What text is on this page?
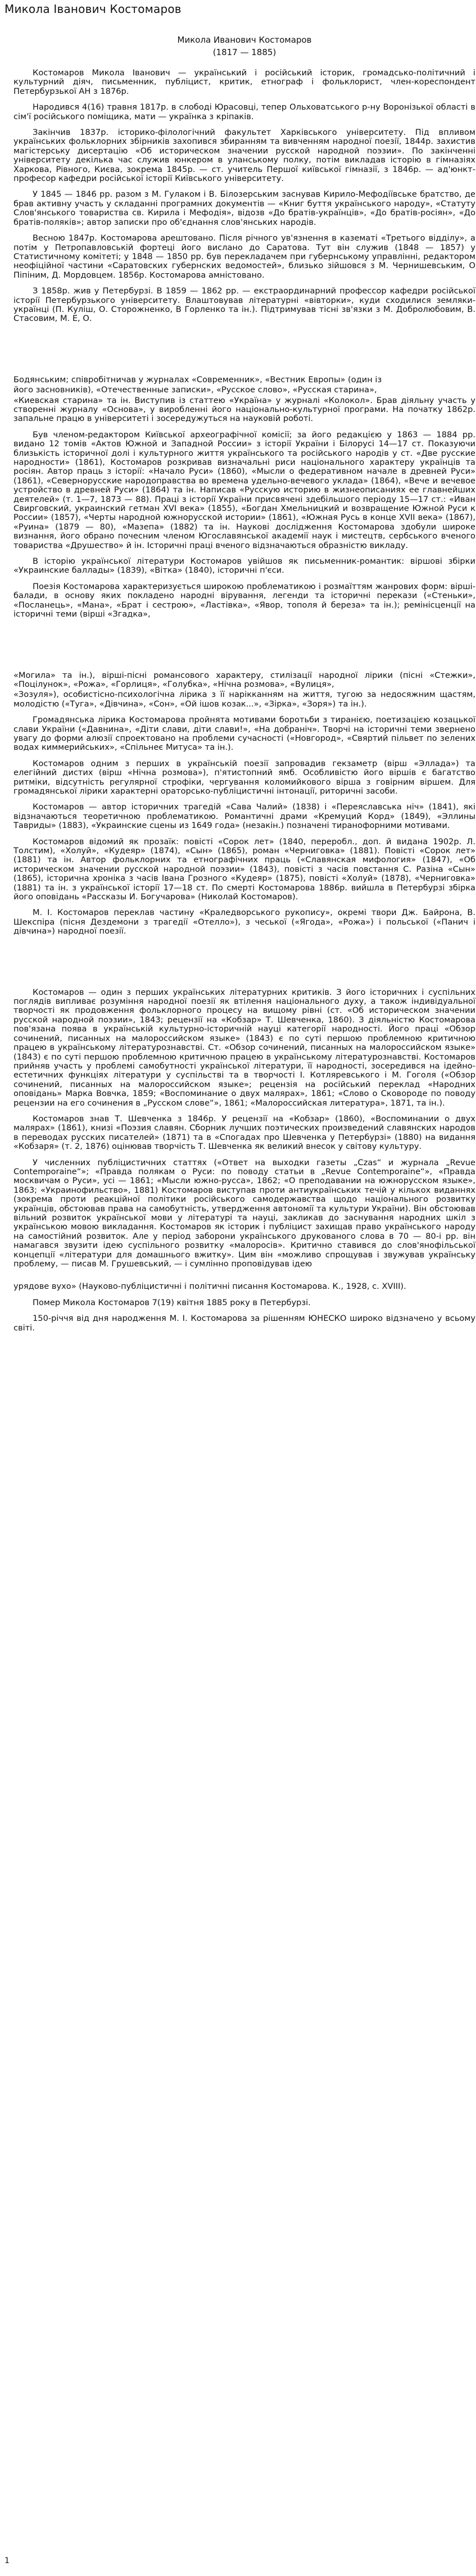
Микола Іванович Костомаров
Микола Иванович Костомаров
(1817 — 1885)

Костомаров Микола Іванович — український і російський історик, громадсько-політичний і культурний діяч, письменник, публіцист, критик, етнограф і фольклорист, член-кореспондент Петербурзької АН з 1876р.

Народився 4(16) травня 1817р. в слободі Юрасовці, тепер Ольховатського р-ну Воронізької області в сім'ї російського поміщика, мати — українка з кріпаків.

Закінчив 1837р. історико-філологічний факультет Харківського університету. Під впливом українських фольклорних збірників захопився збиранням та вивченням народної поезії, 1844р. захистив магістерську дисертацію «Об историческом значении русской народной поэзии». По закінченні університету декілька час служив юнкером в уланському полку, потім викладав історію в гімназіях Харкова, Рівного, Києва, зокрема 1845р. — ст. учитель Першої київської гімназії, з 1846р. — ад'юнкт-професор кафедри російської історії Київського університету.

У 1845 — 1846 рр. разом з М. Гулаком і В. Білозерським заснував Кирило-Мефодіївське братство, де брав активну участь у складанні програмних документів — «Книг буття українського народу», «Статуту Слов'янського товариства св. Кирила і Мефодія», відозв «До братів-українців», «До братів-росіян», «До братів-поляків»; автор записки про об'єднання слов'янських народів.

Весною 1847р. Костомарова арештовано. Після річного ув'язнення в казематі «Третього відділу», а потім у Петропавловській фортеці його вислано до Саратова. Тут він служив (1848 — 1857) у Статистичному комітеті; у 1848 — 1850 рр. був перекладачем при губернському управлінні, редактором неофіційної частини «Саратовских губернских ведомостей», близько зійшовся з М. Чернишевським, О Піпіним, Д. Мордовцем. 1856р. Костомарова амністовано.

З 1858р. жив у Петербурзі. В 1859 — 1862 рр. — екстраординарний профессор кафедри російської історії Петербурзького університету. Влаштовував літературні «вівторки», куди сходилися земляки-українці (П. Куліш, О. Сторожненко, В Горленко та ін.). Підтримував тісні зв'язки з М. Добролюбовим, В. Стасовим, М. Е, О.

Бодянським; співробітничав у журналах «Современник», «Вестник Европы» (один із

його засновників), «Отечественные записки», «Русское слово», «Русская старина»,

«Киевская старина» та ін. Виступив із статтею «Україна» у журналі «Колокол». Брав діяльну участь у створенні журналу «Основа», у виробленні його національно-культурної програми. На початку 1862р. запальне працю в університеті і зосередужуться на науковій роботі.

Був членом-редактором Київської археографічної комісії; за його редакцією у 1863 — 1884 рр. видано 12 томів «Актов Южной и Западной России» з історії України і Білорусі 14—17 ст. Показуючи близькість історичної долі і культурного життя українського та російського народів у ст. «Две русские народности» (1861), Костомаров розкривав визначальні риси національного характеру українців та росіян. Автор праць з історії: «Начало Руси» (1860), «Мысли о федеративном начале в древней Руси» (1861), «Севернорусские народоправства во времена удельно-вечевого уклада» (1864), «Вече и вечевое устройство в древней Руси» (1864) та ін. Написав «Русскую историю в жизнеописаниях ее главнейших деятелей» (т. 1—7, 1873 — 88). Праці з історії України присвячені здебільшого періоду 15—17 ст.: «Иван Свирговский, украинский гетман XVI века» (1855), «Богдан Хмельницкий и возвращение Южной Руси к России» (1857), «Черты народной южнорусской истории» (1861), «Южная Русь в конце XVII века» (1867), «Руина» (1879 — 80), «Мазепа» (1882) та ін. Наукові дослідження Костомарова здобули широке визнання, його обрано почесним членом Югославянської академії наук і мистецтв, сербського вченого товариства «Друшество» й ін. Історичні праці вченого відзначаються образністю викладу.

В історію української літератури Костомаров увійшов як письменник-романтик: віршові збірки «Украинские баллады» (1839), «Вітка» (1840), історичні п'єси.

Поезія Костомарова характеризується широкою проблематикою і розмаїттям жанрових форм: вірші-балади, в основу яких покладено народні вірування, легенди та історичні перекази («Стеньки», «Посланець», «Мана», «Брат і сестрою», «Ластівка», «Явор, тополя й береза» та ін.); ремінісценції на історичні теми (вірші «Згадка»,

«Могила» та ін.), вірші-пісні романсового характеру, стилізації народної лірики (пісні «Стежки», «Поцілунок», «Рожа», «Горлиця», «Голубка», «Нічна розмова», «Вулиця»,

«Зозуля»), особистісно-психологічна лірика з її нарікканням на життя, тугою за недосяжним щастям, молодістю («Туга», «Дівчина», «Сон», «Ой ішов козак...», «Зірка», «Зоря») та ін.).

Громадянська лірика Костомарова пройнята мотивами боротьби з тиранією, поетизацією козацької слави України («Давнина», «Діти слави, діти слави!», «На добраніч». Творчі на історичні теми звернено увагу до форми алюзії спроектовано на проблеми сучасності («Новгород», «Свяртий пільвет по зелених водах киммерийських», «Спільнеє Митуса» та ін.).

Костомаров одним з перших в українській поезії запровадив гекзаметр (вірш «Эллада») та елегійний дистих (вірш «Нічна розмова»), п'ятистопний ямб. Особливістю його віршів є багатство ритміки, відсутність регулярної строфіки, чергування коломийкового вірша з говірним віршем. Для громадянської лірики характерні ораторсько-публіцистичні інтонації, риторичні засоби.

Костомаров — автор історичних трагедій «Сава Чалий» (1838) і «Переяславська ніч» (1841), які відзначаються теоретичною проблематикою. Романтичні драми «Кремуций Корд» (1849), «Эллины Тавриды» (1883), «Украинские сцены из 1649 года» (незакін.) позначені тиранофорними мотивами.

Костомаров відомий як прозаїк: повісті «Сорок лет» (1840, переробл., доп. й видана 1902р. Л. Толстим), «Холуй», «Кудеяр» (1874), «Сын» (1865), роман «Черниговка» (1881). Повісті «Сорок лет» (1881) та ін. Автор фольклорних та етнографічних праць («Славянская мифология» (1847), «Об историческом значении русской народной поэзии» (1843), повісті з часів повстання С. Разіна «Сын» (1865), історична хроніка з часів Івана Грозного «Кудеяр» (1875), повісті «Холуй» (1878), «Черниговка» (1881) та ін. з української історії 17—18 ст. По смерті Костомарова 1886р. вийшла в Петербурзі збірка його оповідань «Рассказы И. Богучарова» (Николай Костомаров).

М. І. Костомаров переклав частину «Краледворського рукопису», окремі твори Дж. Байрона, В. Шекспіра (пісня Дездемони з трагедії «Отелло»), з чеської («Ягода», «Рожа») і польської («Панич і дівчина») народної поезії.

Костомаров — один з перших українських літературних критиків. З його історичних і суспільних поглядів випливає розуміння народної поезії як втілення національного духу, а також індивідуальної творчості як продовження фольклорного процесу на вищому рівні (ст. «Об историческом значении русской народной поэзии», 1843; рецензії на «Кобзар» Т. Шевченка, 1860). З діяльністю Костомарова пов'язана поява в українській культурно-історичній науці категорії народності. Його праці «Обзор сочинений, писанных на малороссийском языке» (1843) є по суті першою проблемною критичною працею в українському літературознавстві. Ст. «Обзор сочинений, писанных на малороссийском языке» (1843) є по суті першою проблемною критичною працею в українському літературознавстві. Костомаров прийняв участь у проблемі самобутності української літератури, її народності, зосередився на ідейно-естетичних функціях літератури у суспільстві та в творчості I. Котляревського і М. Гоголя («Обзор сочинений, писанных на малороссийском языке»; рецензія на російський переклад «Народних оповідань» Марка Вовчка, 1859; «Воспоминание о двух малярах», 1861; «Слово о Сковороде по поводу рецензии на его сочинения в „Русском слове“», 1861; «Малороссийская литература», 1871, та ін.).

Костомаров знав Т. Шевченка з 1846р. У рецензії на «Кобзар» (1860), «Воспоминании о двух малярах» (1861), книзі «Поэзия славян. Сборник лучших поэтических произведений славянских народов в переводах русских писателей» (1871) та в «Спогадах про Шевченка у Петербурзі» (1880) на видання «Кобзаря» (т. 2, 1876) оцінював творчість Т. Шевченка як великий внесок у світову культуру.

У численних публіцистичних статтях («Ответ на выходки газеты „Czas“ и журнала „Revue Contemporaine“»; «Правда полякам о Руси: по поводу статьи в „Revue Contemporaine“», «Правда москвичам о Руси», усі — 1861; «Мысли южно-русса», 1862; «О преподавании на южнорусском языке», 1863; «Украинофильство», 1881) Костомаров виступав проти антиукраїнських течій у кількох виданнях (зокрема проти реакційної політики російського самодержавства щодо національного розвитку українців, обстоював права на самобутність, утвердження автономії та культури України). Він обстоював вільний розвиток української мови у літературі та науці, закликав до заснування народних шкіл з українською мовою викладання. Костомаров як історик і публіцист захищав право українського народу на самостійний розвиток. Але у період заборони українського друкованого слова в 70 — 80-і рр. він намагався звузити ідею суспільного розвитку «малоросів». Критично ставився до слов'янофільської концепції «літератури для домашнього вжитку». Цим він «можливо спрощував і звужував українську проблему, — писав М. Грушевський, — і сумлінно проповідував ідею

урядове вухо» (Науково-публіцистичні і політичні писання Костомарова. К., 1928, с. XVIII).

Помер Микола Костомаров 7(19) квітня 1885 року в Петербурзі.

150-річчя від дня народження М. І. Костомарова за рішенням ЮНЕСКО широко відзначено у всьому світі.

1
